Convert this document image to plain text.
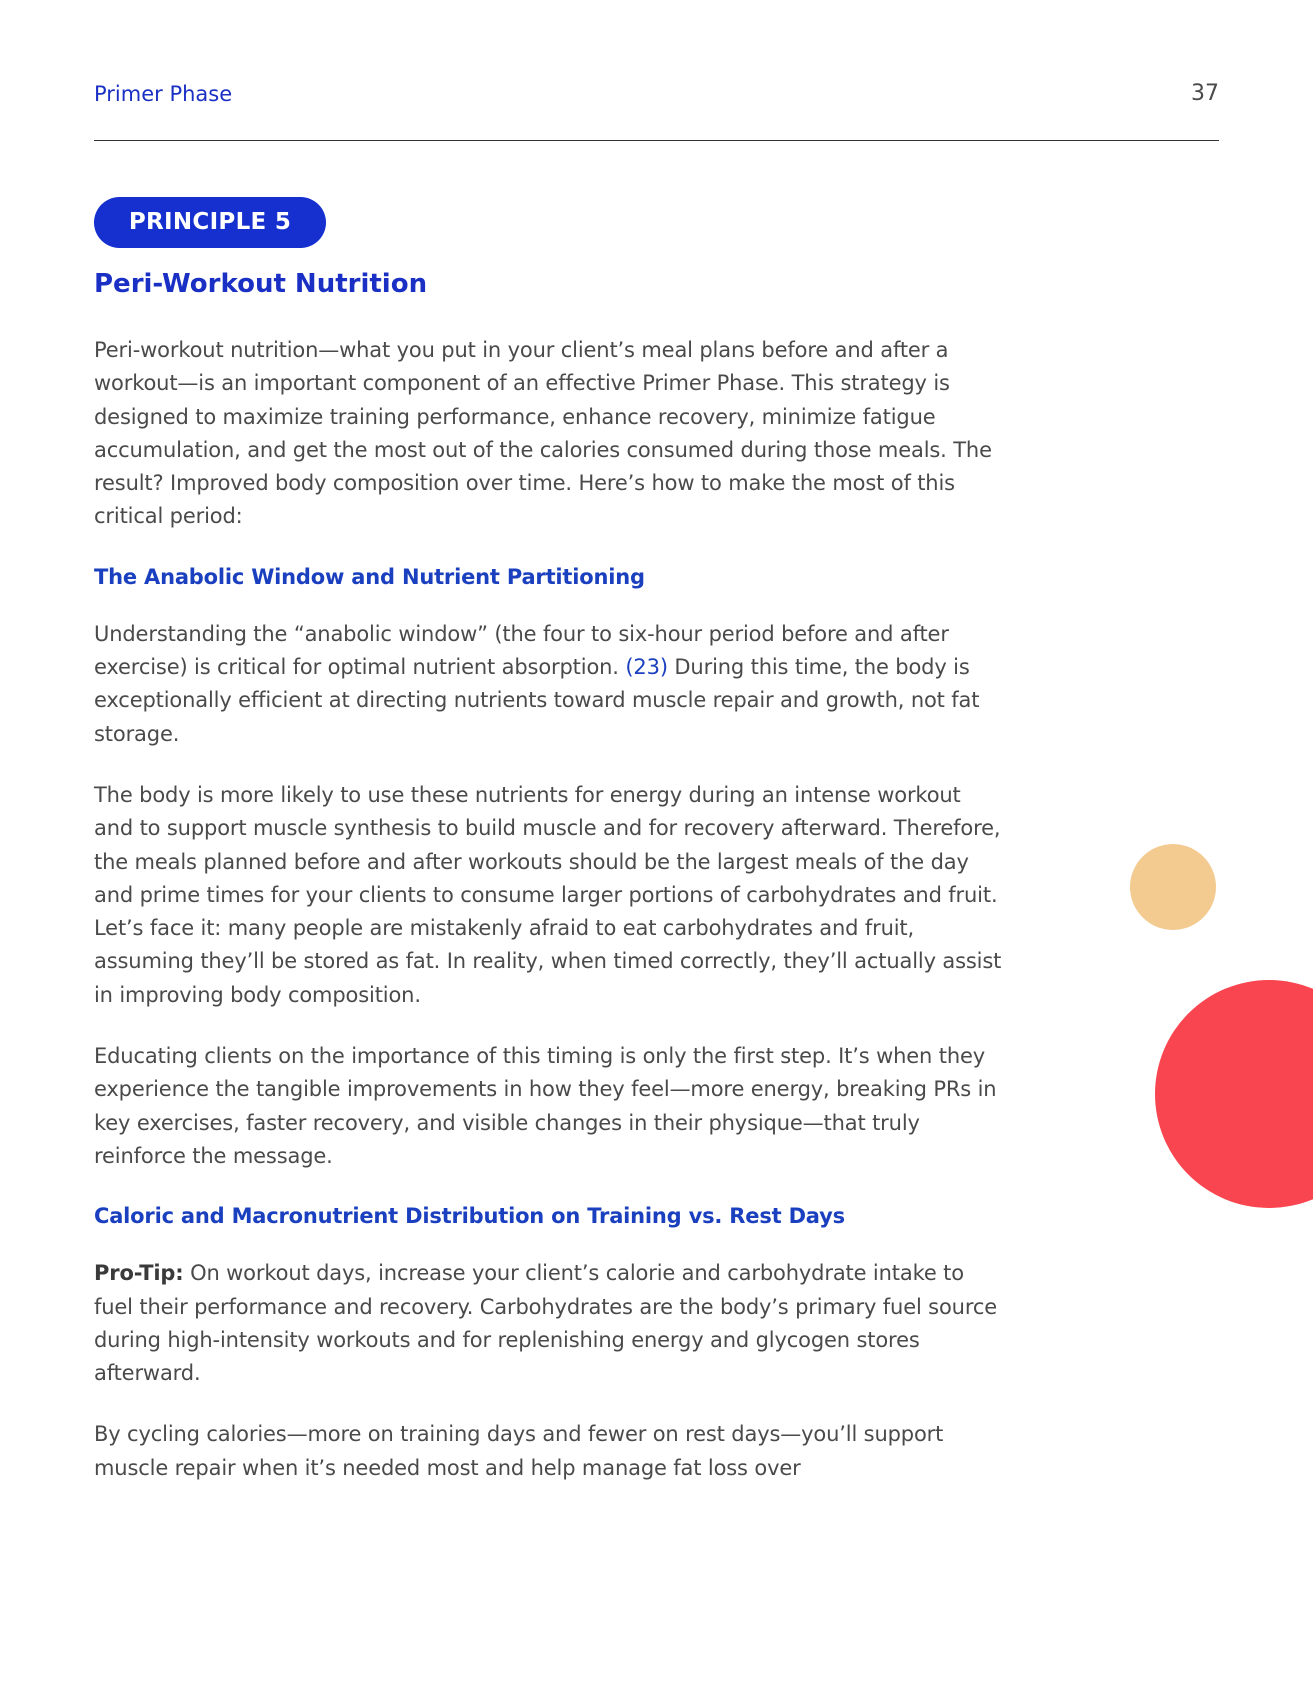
Primer Phase	37
PRINCIPLE 5
Peri-Workout Nutrition

Peri-workout nutrition—what you put in your client’s meal plans before and after a workout—is an important component of an effective Primer Phase. This strategy is designed to maximize training performance, enhance recovery, minimize fatigue accumulation, and get the most out of the calories consumed during those meals. The result? Improved body composition over time. Here’s how to make the most of this critical period:

The Anabolic Window and Nutrient Partitioning

Understanding the “anabolic window” (the four to six-hour period before and after exercise) is critical for optimal nutrient absorption. (23) During this time, the body is exceptionally efficient at directing nutrients toward muscle repair and growth, not fat storage.

The body is more likely to use these nutrients for energy during an intense workout and to support muscle synthesis to build muscle and for recovery afterward. Therefore, the meals planned before and after workouts should be the largest meals of the day and prime times for your clients to consume larger portions of carbohydrates and fruit. Let’s face it: many people are mistakenly afraid to eat carbohydrates and fruit, assuming they’ll be stored as fat. In reality, when timed correctly, they’ll actually assist in improving body composition.

Educating clients on the importance of this timing is only the first step. It’s when they experience the tangible improvements in how they feel—more energy, breaking PRs in key exercises, faster recovery, and visible changes in their physique—that truly reinforce the message.

Caloric and Macronutrient Distribution on Training vs. Rest Days

Pro-Tip: On workout days, increase your client’s calorie and carbohydrate intake to fuel their performance and recovery. Carbohydrates are the body’s primary fuel source during high-intensity workouts and for replenishing energy and glycogen stores afterward.

By cycling calories—more on training days and fewer on rest days—you’ll support muscle repair when it’s needed most and help manage fat loss over
